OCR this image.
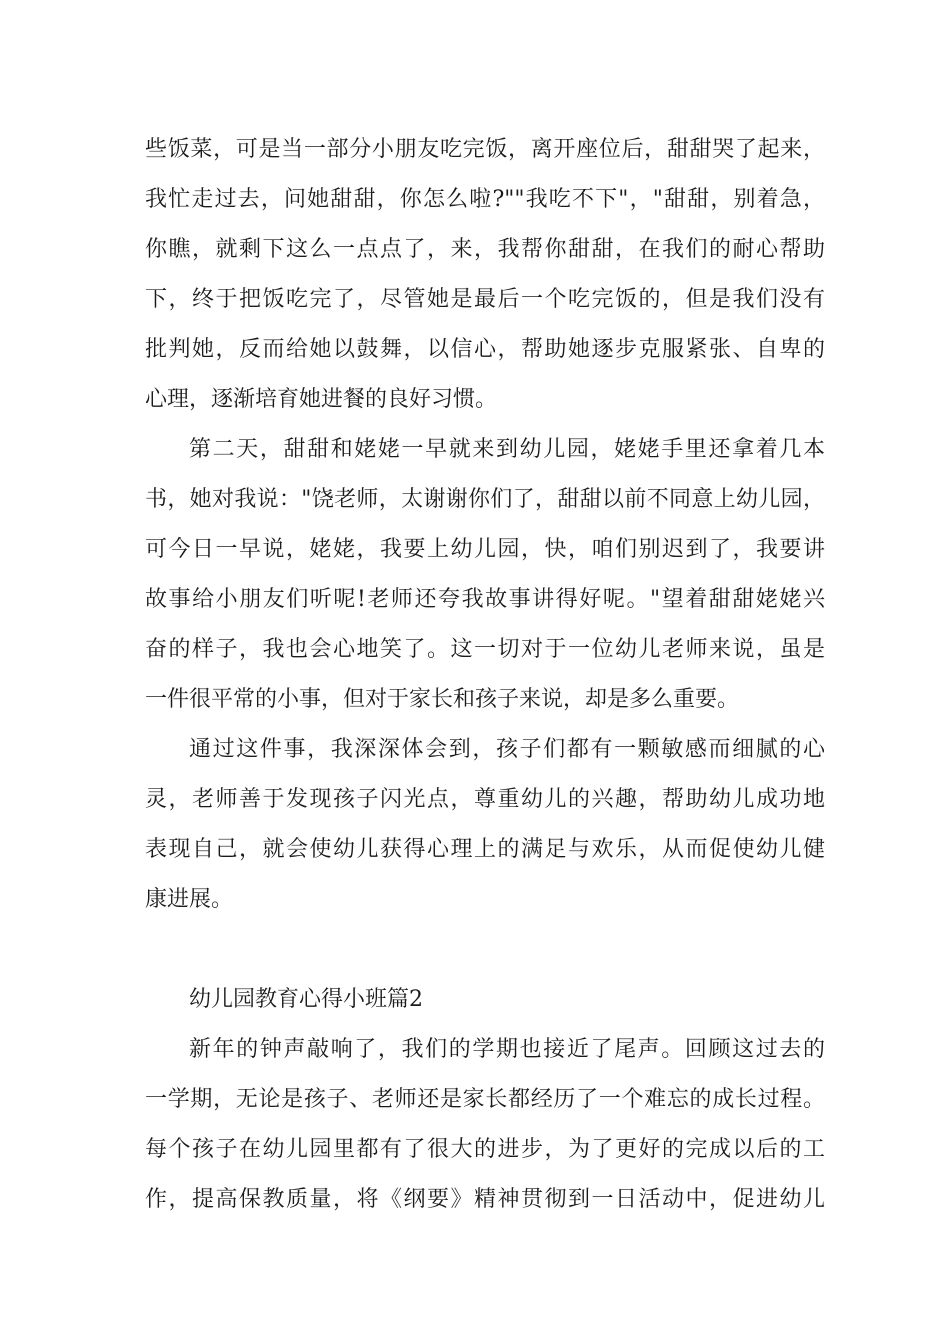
些饭菜，可是当一部分小朋友吃完饭，离开座位后，甜甜哭了起来，
我忙走过去，问她甜甜，你怎么啦?""我吃不下"，"甜甜，别着急，
你瞧，就剩下这么一点点了，来，我帮你甜甜，在我们的耐心帮助
下，终于把饭吃完了，尽管她是最后一个吃完饭的，但是我们没有
批判她，反而给她以鼓舞，以信心，帮助她逐步克服紧张、自卑的
心理，逐渐培育她进餐的良好习惯。
第二天，甜甜和姥姥一早就来到幼儿园，姥姥手里还拿着几本
书，她对我说："饶老师，太谢谢你们了，甜甜以前不同意上幼儿园，
可今日一早说，姥姥，我要上幼儿园，快，咱们别迟到了，我要讲
故事给小朋友们听呢!老师还夸我故事讲得好呢。"望着甜甜姥姥兴
奋的样子，我也会心地笑了。这一切对于一位幼儿老师来说，虽是
一件很平常的小事，但对于家长和孩子来说，却是多么重要。
通过这件事，我深深体会到，孩子们都有一颗敏感而细腻的心
灵，老师善于发现孩子闪光点，尊重幼儿的兴趣，帮助幼儿成功地
表现自己，就会使幼儿获得心理上的满足与欢乐，从而促使幼儿健
康进展。
幼儿园教育心得小班篇2
新年的钟声敲响了，我们的学期也接近了尾声。回顾这过去的
一学期，无论是孩子、老师还是家长都经历了一个难忘的成长过程。
每个孩子在幼儿园里都有了很大的进步，为了更好的完成以后的工
作，提高保教质量，将《纲要》精神贯彻到一日活动中，促进幼儿
